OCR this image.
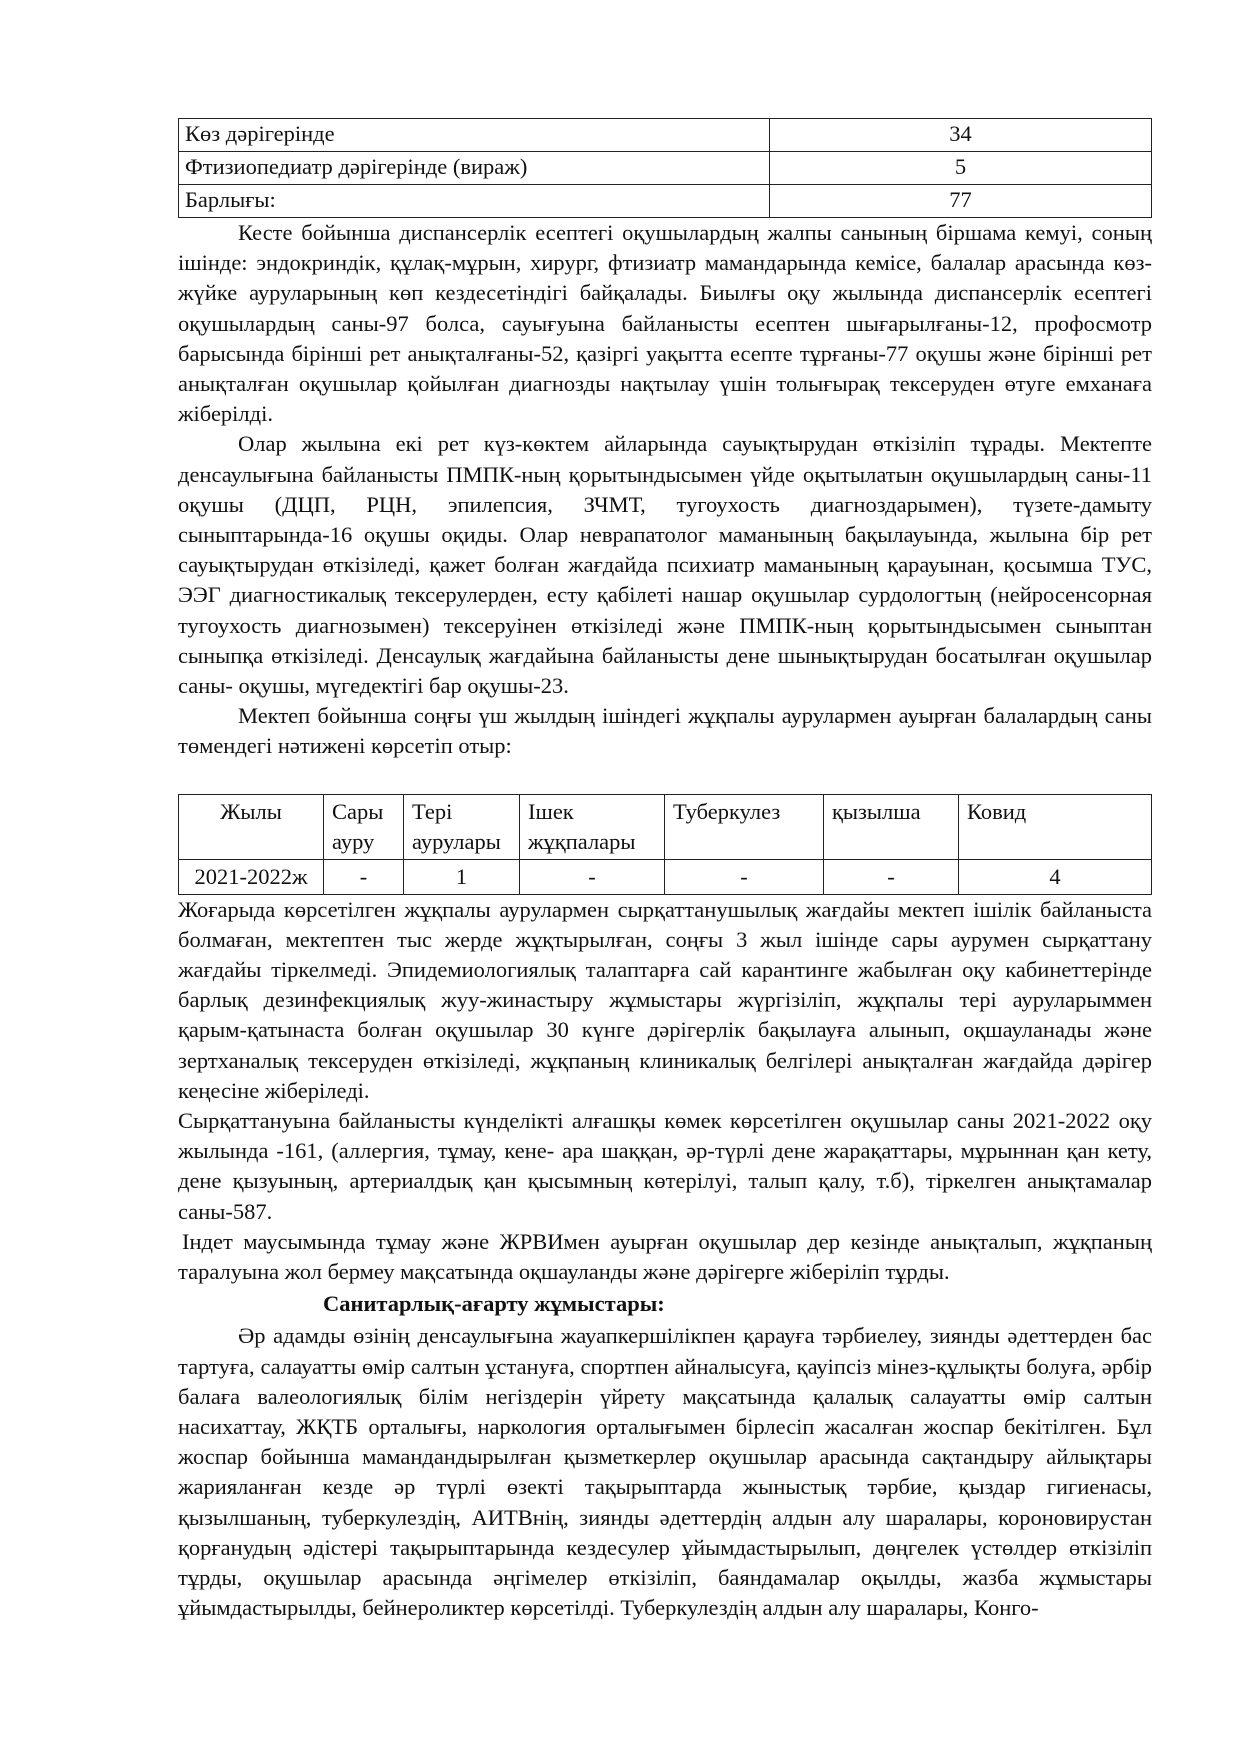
Көз дәрігерінде	34
Фтизиопедиатр дәрігерінде (вираж)	5
Барлығы:	77

Кесте бойынша диспансерлік есептегі оқушылардың жалпы санының біршама кемуі, соның ішінде: эндокриндік, құлақ-мұрын, хирург, фтизиатр мамандарында кемісе, балалар арасында көз-жүйке ауруларының көп кездесетіндігі байқалады. Биылғы оқу жылында диспансерлік есептегі оқушылардың саны-97 болса, сауығуына байланысты есептен шығарылғаны-12, профосмотр барысында бірінші рет анықталғаны-52, қазіргі уақытта есепте тұрғаны-77 оқушы және бірінші рет анықталған оқушылар қойылған диагнозды нақтылау үшін толығырақ тексеруден өтуге емханаға жіберілді.

Олар жылына екі рет күз-көктем айларында сауықтырудан өткізіліп тұрады. Мектепте денсаулығына байланысты ПМПК-ның қорытындысымен үйде оқытылатын оқушылардың саны-11 оқушы (ДЦП, РЦН, эпилепсия, ЗЧМТ, тугоухость диагноздарымен), түзете-дамыту сыныптарында-16 оқушы оқиды. Олар неврапатолог маманының бақылауында, жылына бір рет сауықтырудан өткізіледі, қажет болған жағдайда психиатр маманының қарауынан, қосымша ТУС, ЭЭГ диагностикалық тексерулерден, есту қабілеті нашар оқушылар сурдологтың (нейросенсорная тугоухость диагнозымен) тексеруінен өткізіледі және ПМПК-ның қорытындысымен сыныптан сыныпқа өткізіледі. Денсаулық жағдайына байланысты дене шынықтырудан босатылған оқушылар саны- оқушы, мүгедектігі бар оқушы-23.

Мектеп бойынша соңғы үш жылдың ішіндегі жұқпалы аурулармен ауырған балалардың саны төмендегі нәтижені көрсетіп отыр:

Жылы	Сары ауру	Тері аурулары	Ішек жұқпалары	Туберкулез	қызылша	Ковид
2021-2022ж	-	1	-	-	-	4

Жоғарыда көрсетілген жұқпалы аурулармен сырқаттанушылық жағдайы мектеп ішілік байланыста болмаған, мектептен тыс жерде жұқтырылған, соңғы 3 жыл ішінде сары аурумен сырқаттану жағдайы тіркелмеді. Эпидемиологиялық талаптарға сай карантинге жабылған оқу кабинеттерінде барлық дезинфекциялық жуу-жинастыру жұмыстары жүргізіліп, жұқпалы тері ауруларыммен қарым-қатынаста болған оқушылар 30 күнге дәрігерлік бақылауға алынып, оқшауланады және зертханалық тексеруден өткізіледі, жұқпаның клиникалық белгілері анықталған жағдайда дәрігер кеңесіне жіберіледі.

Сырқаттануына байланысты күнделікті алғашқы көмек көрсетілген оқушылар саны 2021-2022 оқу жылында -161, (аллергия, тұмау, кене- ара шаққан, әр-түрлі дене жарақаттары, мұрыннан қан кету, дене қызуының, артериалдық қан қысымның көтерілуі, талып қалу, т.б), тіркелген анықтамалар саны-587.

Індет маусымында тұмау және ЖРВИмен ауырған оқушылар дер кезінде анықталып, жұқпаның таралуына жол бермеу мақсатында оқшауланды және дәрігерге жіберіліп тұрды.

Санитарлық-ағарту жұмыстары:

Әр адамды өзінің денсаулығына жауапкершілікпен қарауға тәрбиелеу, зиянды әдеттерден бас тартуға, салауатты өмір салтын ұстануға, спортпен айналысуға, қауіпсіз мінез-құлықты болуға, әрбір балаға валеологиялық білім негіздерін үйрету мақсатында қалалық салауатты өмір салтын насихаттау, ЖҚТБ орталығы, наркология орталығымен бірлесіп жасалған жоспар бекітілген. Бұл жоспар бойынша мамандандырылған қызметкерлер оқушылар арасында сақтандыру айлықтары жарияланған кезде әр түрлі өзекті тақырыптарда жыныстық тәрбие, қыздар гигиенасы, қызылшаның, туберкулездің, АИТВнің, зиянды әдеттердің алдын алу шаралары, короновирустан қорғанудың әдістері тақырыптарында кездесулер ұйымдастырылып, дөңгелек үстөлдер өткізіліп тұрды, оқушылар арасында әңгімелер өткізіліп, баяндамалар оқылды, жазба жұмыстары ұйымдастырылды, бейнероликтер көрсетілді. Туберкулездің алдын алу шаралары, Конго-
